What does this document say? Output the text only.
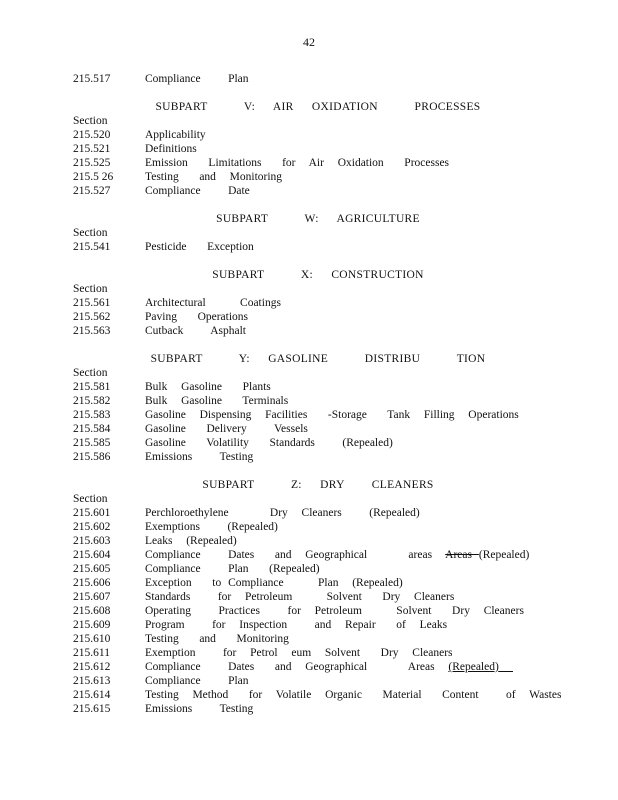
42
215.517	Compliance    Plan
SUBPART    V:  AIR  OXIDATION    PROCESSES
Section
215.520	Applicability
215.521	Definitions
215.525	Emission   Limitations   for  Air  Oxidation   Processes
215.5 26	Testing   and  Monitoring
215.527	Compliance    Date
SUBPART    W:  AGRICULTURE
Section
215.541	Pesticide   Exception
SUBPART    X:  CONSTRUCTION
Section
215.561	Architectural     Coatings
215.562	Paving   Operations
215.563	Cutback    Asphalt
SUBPART    Y:  GASOLINE    DISTRIBU    TION
Section
215.581	Bulk  Gasoline   Plants
215.582	Bulk  Gasoline   Terminals
215.583	Gasoline  Dispensing  Facilities   -Storage   Tank  Filling  Operations
215.584	Gasoline   Delivery    Vessels
215.585	Gasoline   Volatility   Standards    (Repealed)
215.586	Emissions    Testing
SUBPART    Z:  DRY   CLEANERS
Section
215.601	Perchloroethylene      Dry  Cleaners    (Repealed)
215.602	Exemptions    (Repealed)
215.603	Leaks  (Repealed)
215.604	Compliance    Dates   and  Geographical      areas  Areas (Repealed)
215.605	Compliance    Plan   (Repealed)
215.606	Exception   to Compliance     Plan  (Repealed)
215.607	Standards    for  Petroleum     Solvent   Dry  Cleaners
215.608	Operating    Practices    for  Petroleum     Solvent   Dry  Cleaners
215.609	Program    for  Inspection    and  Repair   of  Leaks
215.610	Testing   and   Monitoring
215.611	Exemption    for  Petrol  eum  Solvent   Dry  Cleaners
215.612	Compliance    Dates   and  Geographical      Areas  (Repealed)
215.613	Compliance    Plan
215.614	Testing  Method   for  Volatile  Organic   Material   Content    of  Wastes
215.615	Emissions    Testing
